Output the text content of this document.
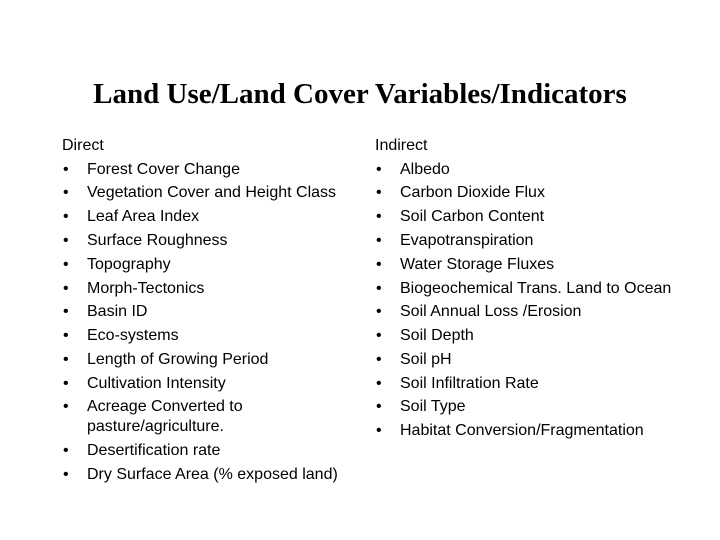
Land Use/Land Cover Variables/Indicators
Direct
• Forest Cover Change
• Vegetation Cover and Height Class
• Leaf Area Index
• Surface Roughness
• Topography
• Morph-Tectonics
• Basin ID
• Eco-systems
• Length of Growing Period
• Cultivation Intensity
• Acreage Converted to pasture/agriculture.
• Desertification rate
• Dry Surface Area (% exposed land)
Indirect
• Albedo
• Carbon Dioxide Flux
• Soil Carbon Content
• Evapotranspiration
• Water Storage Fluxes
• Biogeochemical Trans. Land to Ocean
• Soil Annual Loss /Erosion
• Soil Depth
• Soil pH
• Soil Infiltration Rate
• Soil Type
• Habitat Conversion/Fragmentation
